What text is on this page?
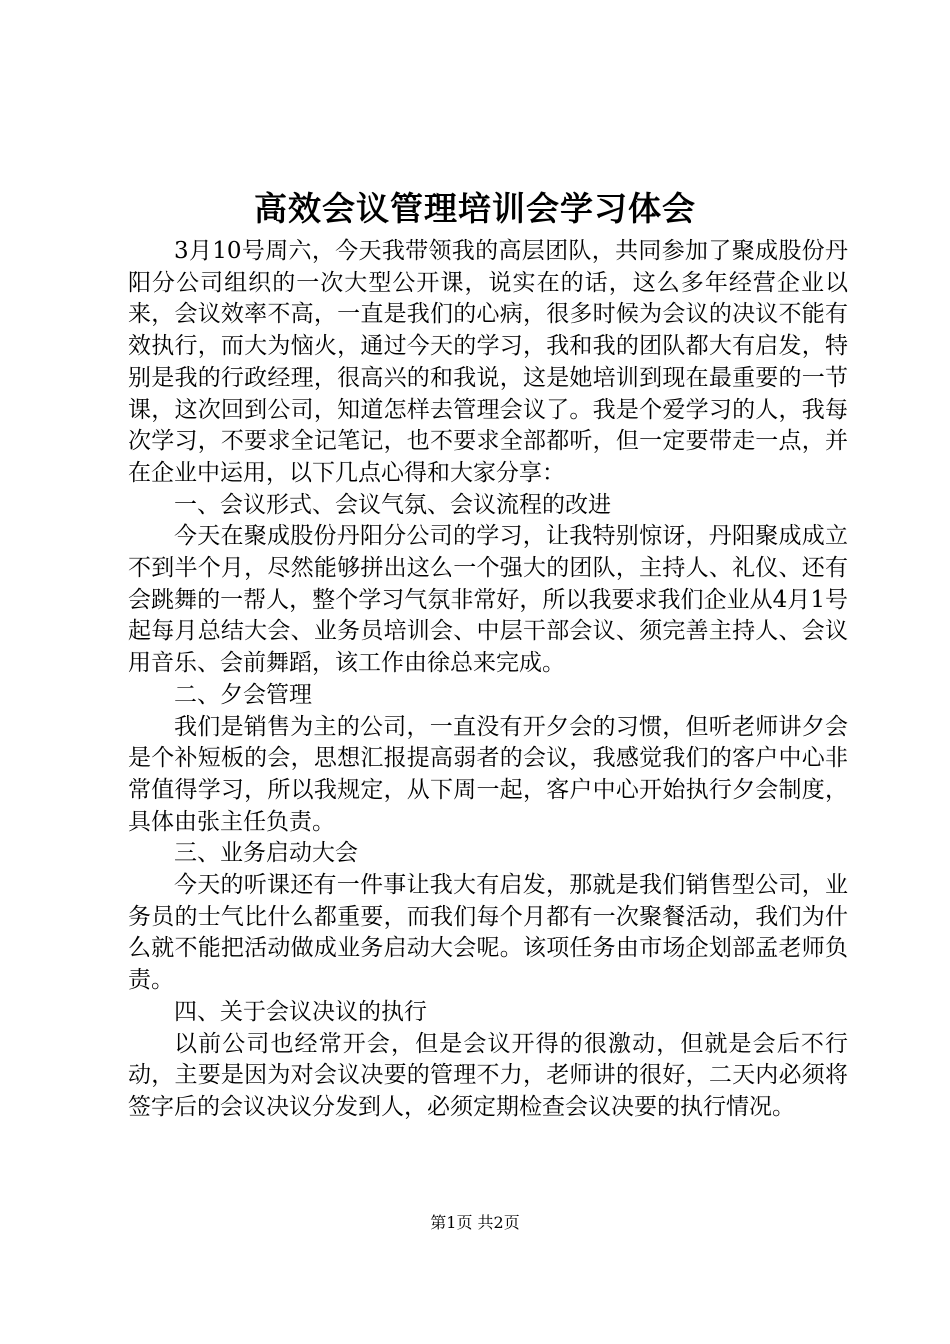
高效会议管理培训会学习体会

3月10号周六，今天我带领我的高层团队，共同参加了聚成股份丹阳分公司组织的一次大型公开课，说实在的话，这么多年经营企业以来，会议效率不高，一直是我们的心病，很多时候为会议的决议不能有效执行，而大为恼火，通过今天的学习，我和我的团队都大有启发，特别是我的行政经理，很高兴的和我说，这是她培训到现在最重要的一节课，这次回到公司，知道怎样去管理会议了。我是个爱学习的人，我每次学习，不要求全记笔记，也不要求全部都听，但一定要带走一点，并在企业中运用，以下几点心得和大家分享：

一、会议形式、会议气氛、会议流程的改进

今天在聚成股份丹阳分公司的学习，让我特别惊讶，丹阳聚成成立不到半个月，尽然能够拼出这么一个强大的团队，主持人、礼仪、还有会跳舞的一帮人，整个学习气氛非常好，所以我要求我们企业从4月1号起每月总结大会、业务员培训会、中层干部会议、须完善主持人、会议用音乐、会前舞蹈，该工作由徐总来完成。

二、夕会管理

我们是销售为主的公司，一直没有开夕会的习惯，但听老师讲夕会是个补短板的会，思想汇报提高弱者的会议，我感觉我们的客户中心非常值得学习，所以我规定，从下周一起，客户中心开始执行夕会制度，具体由张主任负责。

三、业务启动大会

今天的听课还有一件事让我大有启发，那就是我们销售型公司，业务员的士气比什么都重要，而我们每个月都有一次聚餐活动，我们为什么就不能把活动做成业务启动大会呢。该项任务由市场企划部孟老师负责。

四、关于会议决议的执行

以前公司也经常开会，但是会议开得的很激动，但就是会后不行动，主要是因为对会议决要的管理不力，老师讲的很好，二天内必须将签字后的会议决议分发到人，必须定期检查会议决要的执行情况。

第1页 共2页
